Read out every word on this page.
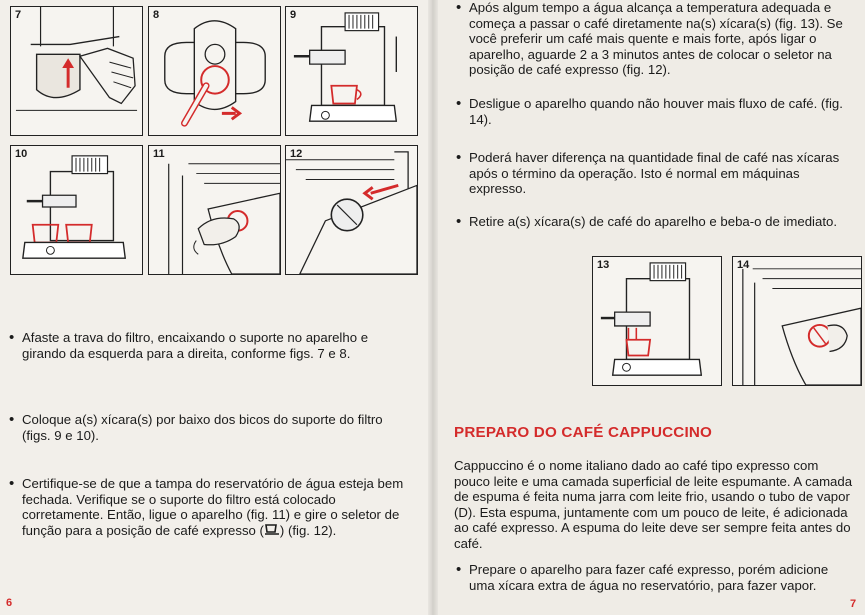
7	8	9
10	11	12
• Afaste a trava do filtro, encaixando o suporte no aparelho e girando da esquerda para a direita, conforme figs. 7 e 8.
• Coloque a(s) xícara(s) por baixo dos bicos do suporte do filtro (figs. 9 e 10).
• Certifique-se de que a tampa do reservatório de água esteja bem fechada. Verifique se o suporte do filtro está colocado corretamente. Então, ligue o aparelho (fig. 11) e gire o seletor de função para a posição de café expresso ( ) (fig. 12).
6
• Após algum tempo a água alcança a temperatura adequada e começa a passar o café diretamente na(s) xícara(s) (fig. 13). Se você preferir um café mais quente e mais forte, após ligar o aparelho, aguarde 2 a 3 minutos antes de colocar o seletor na posição de café expresso (fig. 12).
• Desligue o aparelho quando não houver mais fluxo de café. (fig. 14).
• Poderá haver diferença na quantidade final de café nas xícaras após o término da operação. Isto é normal em máquinas expresso.
• Retire a(s) xícara(s) de café do aparelho e beba-o de imediato.
13	14
PREPARO DO CAFÉ CAPPUCCINO
Cappuccino é o nome italiano dado ao café tipo expresso com pouco leite e uma camada superficial de leite espumante. A camada de espuma é feita numa jarra com leite frio, usando o tubo de vapor (D). Esta espuma, juntamente com um pouco de leite, é adicionada ao café expresso. A espuma do leite deve ser sempre feita antes do café.
• Prepare o aparelho para fazer café expresso, porém adicione uma xícara extra de água no reservatório, para fazer vapor.
7
